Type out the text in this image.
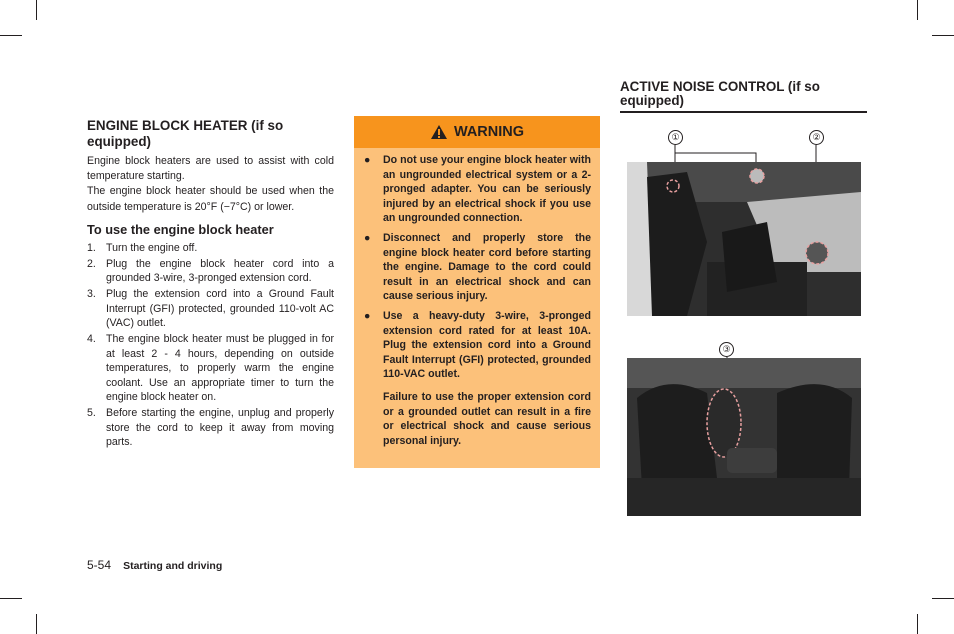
ENGINE BLOCK HEATER (if so equipped)

Engine block heaters are used to assist with cold temperature starting.

The engine block heater should be used when the outside temperature is 20°F (−7°C) or lower.

To use the engine block heater
1. Turn the engine off.
2. Plug the engine block heater cord into a grounded 3-wire, 3-pronged extension cord.
3. Plug the extension cord into a Ground Fault Interrupt (GFI) protected, grounded 110-volt AC (VAC) outlet.
4. The engine block heater must be plugged in for at least 2 - 4 hours, depending on outside temperatures, to properly warm the engine coolant. Use an appropriate timer to turn the engine block heater on.
5. Before starting the engine, unplug and properly store the cord to keep it away from moving parts.
WARNING
● Do not use your engine block heater with an ungrounded electrical system or a 2-pronged adapter. You can be seriously injured by an electrical shock if you use an ungrounded connection.
● Disconnect and properly store the engine block heater cord before starting the engine. Damage to the cord could result in an electrical shock and can cause serious injury.
● Use a heavy-duty 3-wire, 3-pronged extension cord rated for at least 10A. Plug the extension cord into a Ground Fault Interrupt (GFI) protected, grounded 110-VAC outlet.
Failure to use the proper extension cord or a grounded outlet can result in a fire or electrical shock and cause serious personal injury.
ACTIVE NOISE CONTROL (if so equipped)
①	②
③
5-54 Starting and driving
